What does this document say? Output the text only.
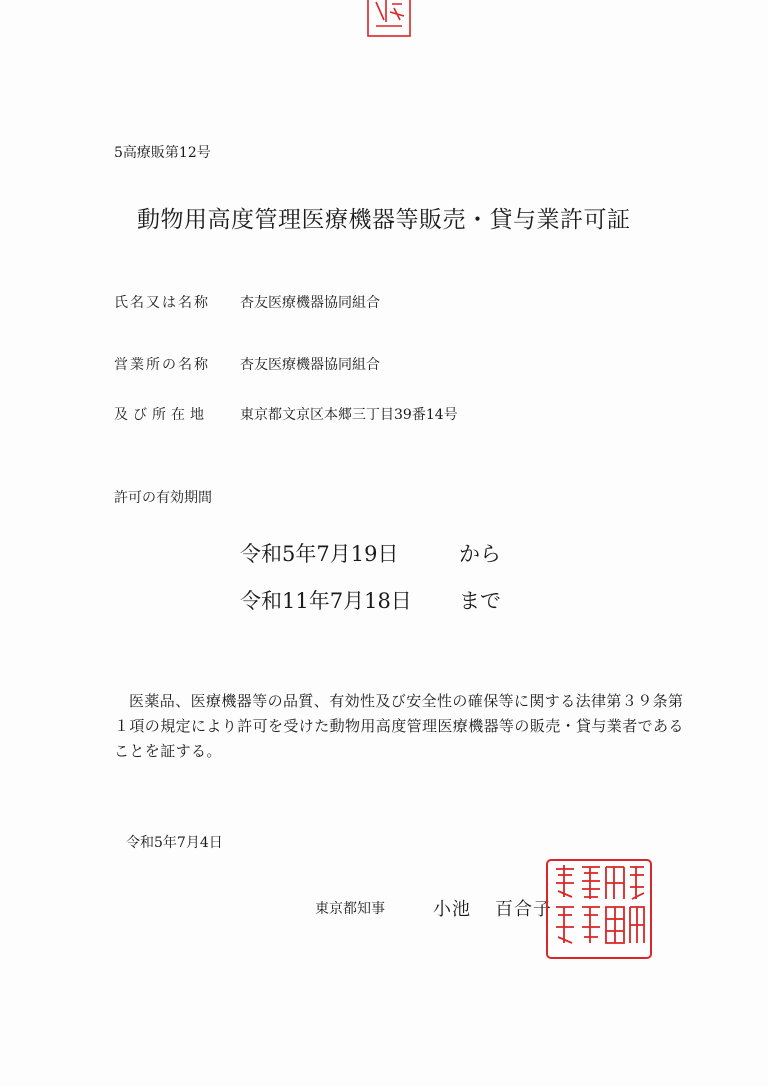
5高療販第12号
動物用高度管理医療機器等販売・貸与業許可証
氏名又は名称 杏友医療機器協同組合
営業所の名称 杏友医療機器協同組合
及び所在地 東京都文京区本郷三丁目39番14号
許可の有効期間
令和5年7月19日	から
令和11年7月18日 まで
医薬品、医療機器等の品質、有効性及び安全性の確保等に関する法律第３９条第１項の規定により許可を受けた動物用高度管理医療機器等の販売・貸与業者であることを証する。
令和5年7月4日
東京都知事	小池 百合子
